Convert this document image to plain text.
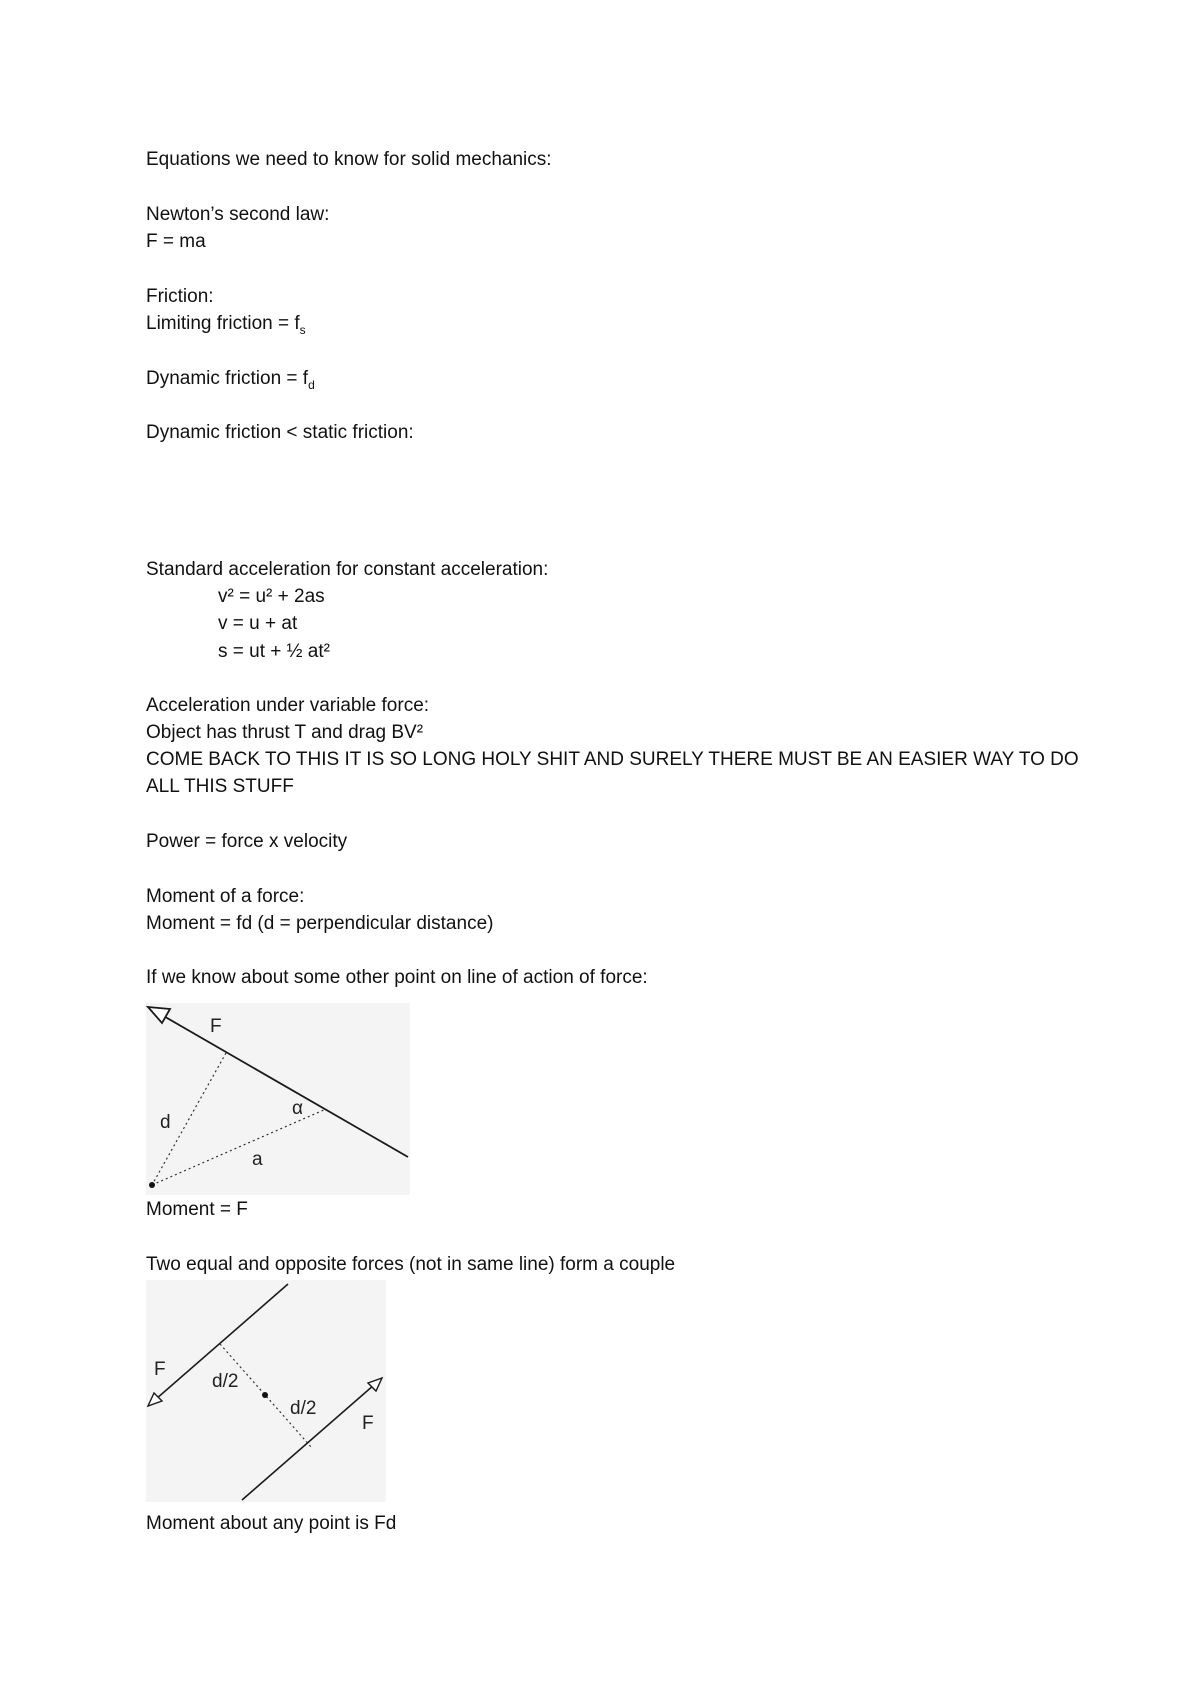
Equations we need to know for solid mechanics:
Newton’s second law:
F = ma
Friction:
Limiting friction = $f_s$
Dynamic friction = $f_d$
Dynamic friction < static friction:
Standard acceleration for constant acceleration:
v² = u² + 2as
v = u + at
s = ut + ½ at²
Acceleration under variable force:
Object has thrust T and drag BV²
COME BACK TO THIS IT IS SO LONG HOLY SHIT AND SURELY THERE MUST BE AN EASIER WAY TO DO
ALL THIS STUFF
Power = force x velocity
Moment of a force:
Moment = fd (d = perpendicular distance)
If we know about some other point on line of action of force:
F
d
α
a
Moment = F
Two equal and opposite forces (not in same line) form a couple
F
d/2
d/2
F
Moment about any point is Fd
